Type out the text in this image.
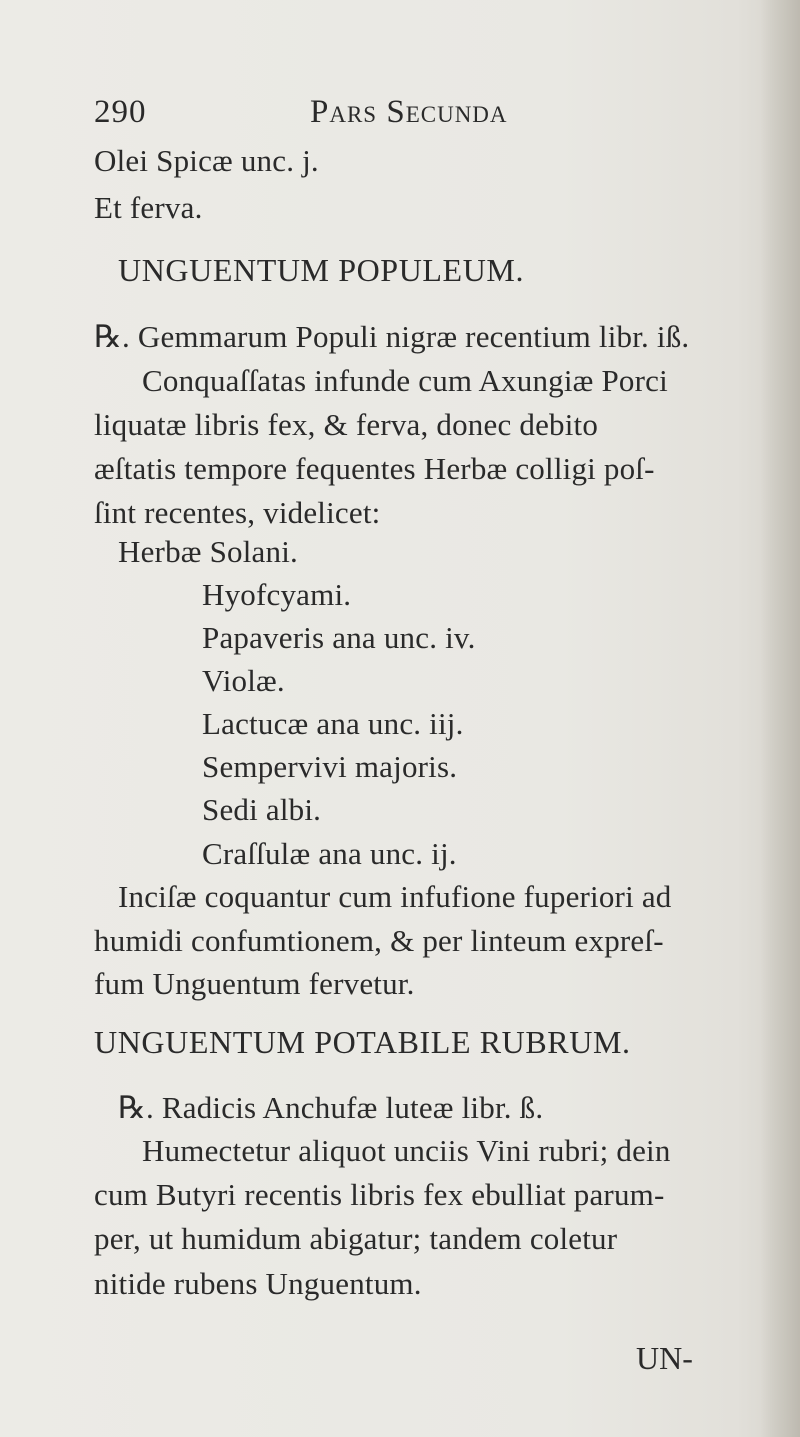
290	Pars Secunda
Olei Spicæ unc. j.
Et ferva.
UNGUENTUM POPULEUM.
℞. Gemmarum Populi nigræ recentium libr. iß.
Conquaſſatas infunde cum Axungiæ Porci
liquatæ libris fex, & ferva, donec debito
æſtatis tempore fequentes Herbæ colligi poſ-
ſint recentes, videlicet:
Herbæ Solani.
Hyofcyami.
Papaveris ana unc. iv.
Violæ.
Lactucæ ana unc. iij.
Sempervivi majoris.
Sedi albi.
Craſſulæ ana unc. ij.
Inciſæ coquantur cum infufione fuperiori ad
humidi confumtionem, & per linteum expreſ-
fum Unguentum fervetur.
UNGUENTUM POTABILE RUBRUM.
℞. Radicis Anchufæ luteæ libr. ß.
Humectetur aliquot unciis Vini rubri; dein
cum Butyri recentis libris fex ebulliat parum-
per, ut humidum abigatur; tandem coletur
nitide rubens Unguentum.
UN-
